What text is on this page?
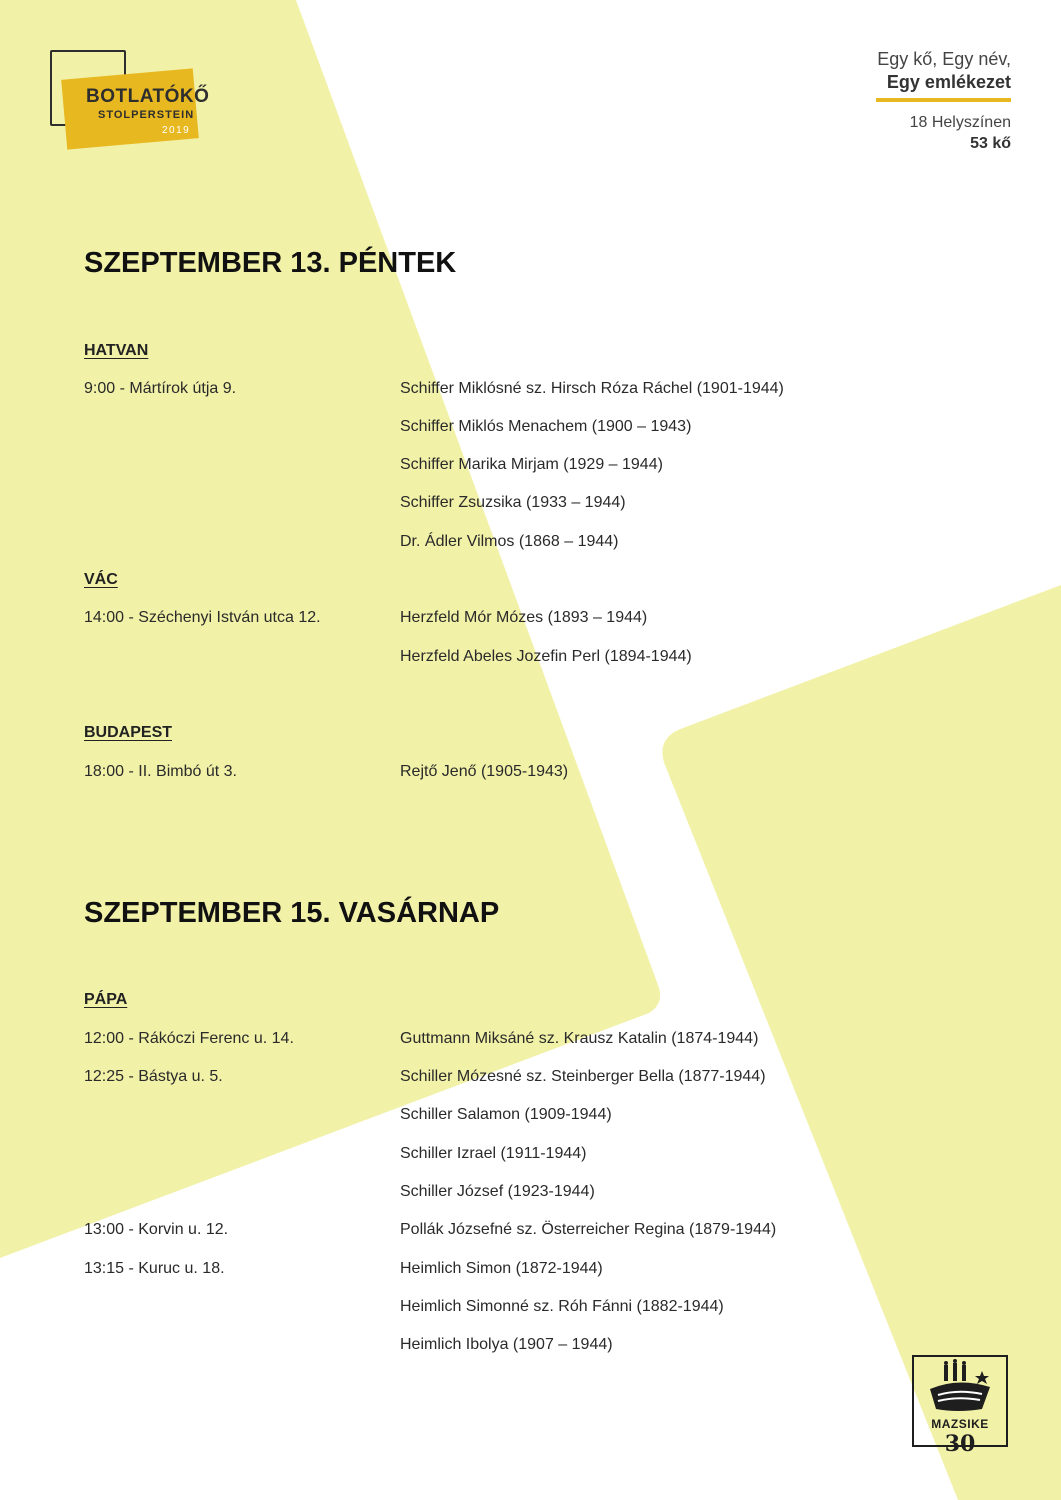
BOTLATÓKŐ
STOLPERSTEIN
2019
Egy kő, Egy név,
Egy emlékezet
18 Helyszínen
53 kő
SZEPTEMBER 13. PÉNTEK
HATVAN
9:00 - Mártírok útja 9.	Schiffer Miklósné sz. Hirsch Róza Ráchel (1901-1944)
Schiffer Miklós Menachem (1900 – 1943)
Schiffer Marika Mirjam (1929 – 1944)
Schiffer Zsuzsika (1933 – 1944)
Dr. Ádler Vilmos (1868 – 1944)
VÁC
14:00 - Széchenyi István utca 12.	Herzfeld Mór Mózes (1893 – 1944)
Herzfeld Abeles Jozefin Perl (1894-1944)
BUDAPEST
18:00 - II. Bimbó út 3.	Rejtő Jenő (1905-1943)
SZEPTEMBER 15. VASÁRNAP
PÁPA
12:00 - Rákóczi Ferenc u. 14.	Guttmann Miksáné sz. Krausz Katalin (1874-1944)
12:25 - Bástya u. 5.	Schiller Mózesné sz. Steinberger Bella (1877-1944)
Schiller Salamon (1909-1944)
Schiller Izrael (1911-1944)
Schiller József (1923-1944)
13:00 - Korvin u. 12.	Pollák Józsefné sz. Österreicher Regina (1879-1944)
13:15 - Kuruc u. 18.	Heimlich Simon (1872-1944)
Heimlich Simonné sz. Róh Fánni (1882-1944)
Heimlich Ibolya (1907 – 1944)
MAZSIKE
30
